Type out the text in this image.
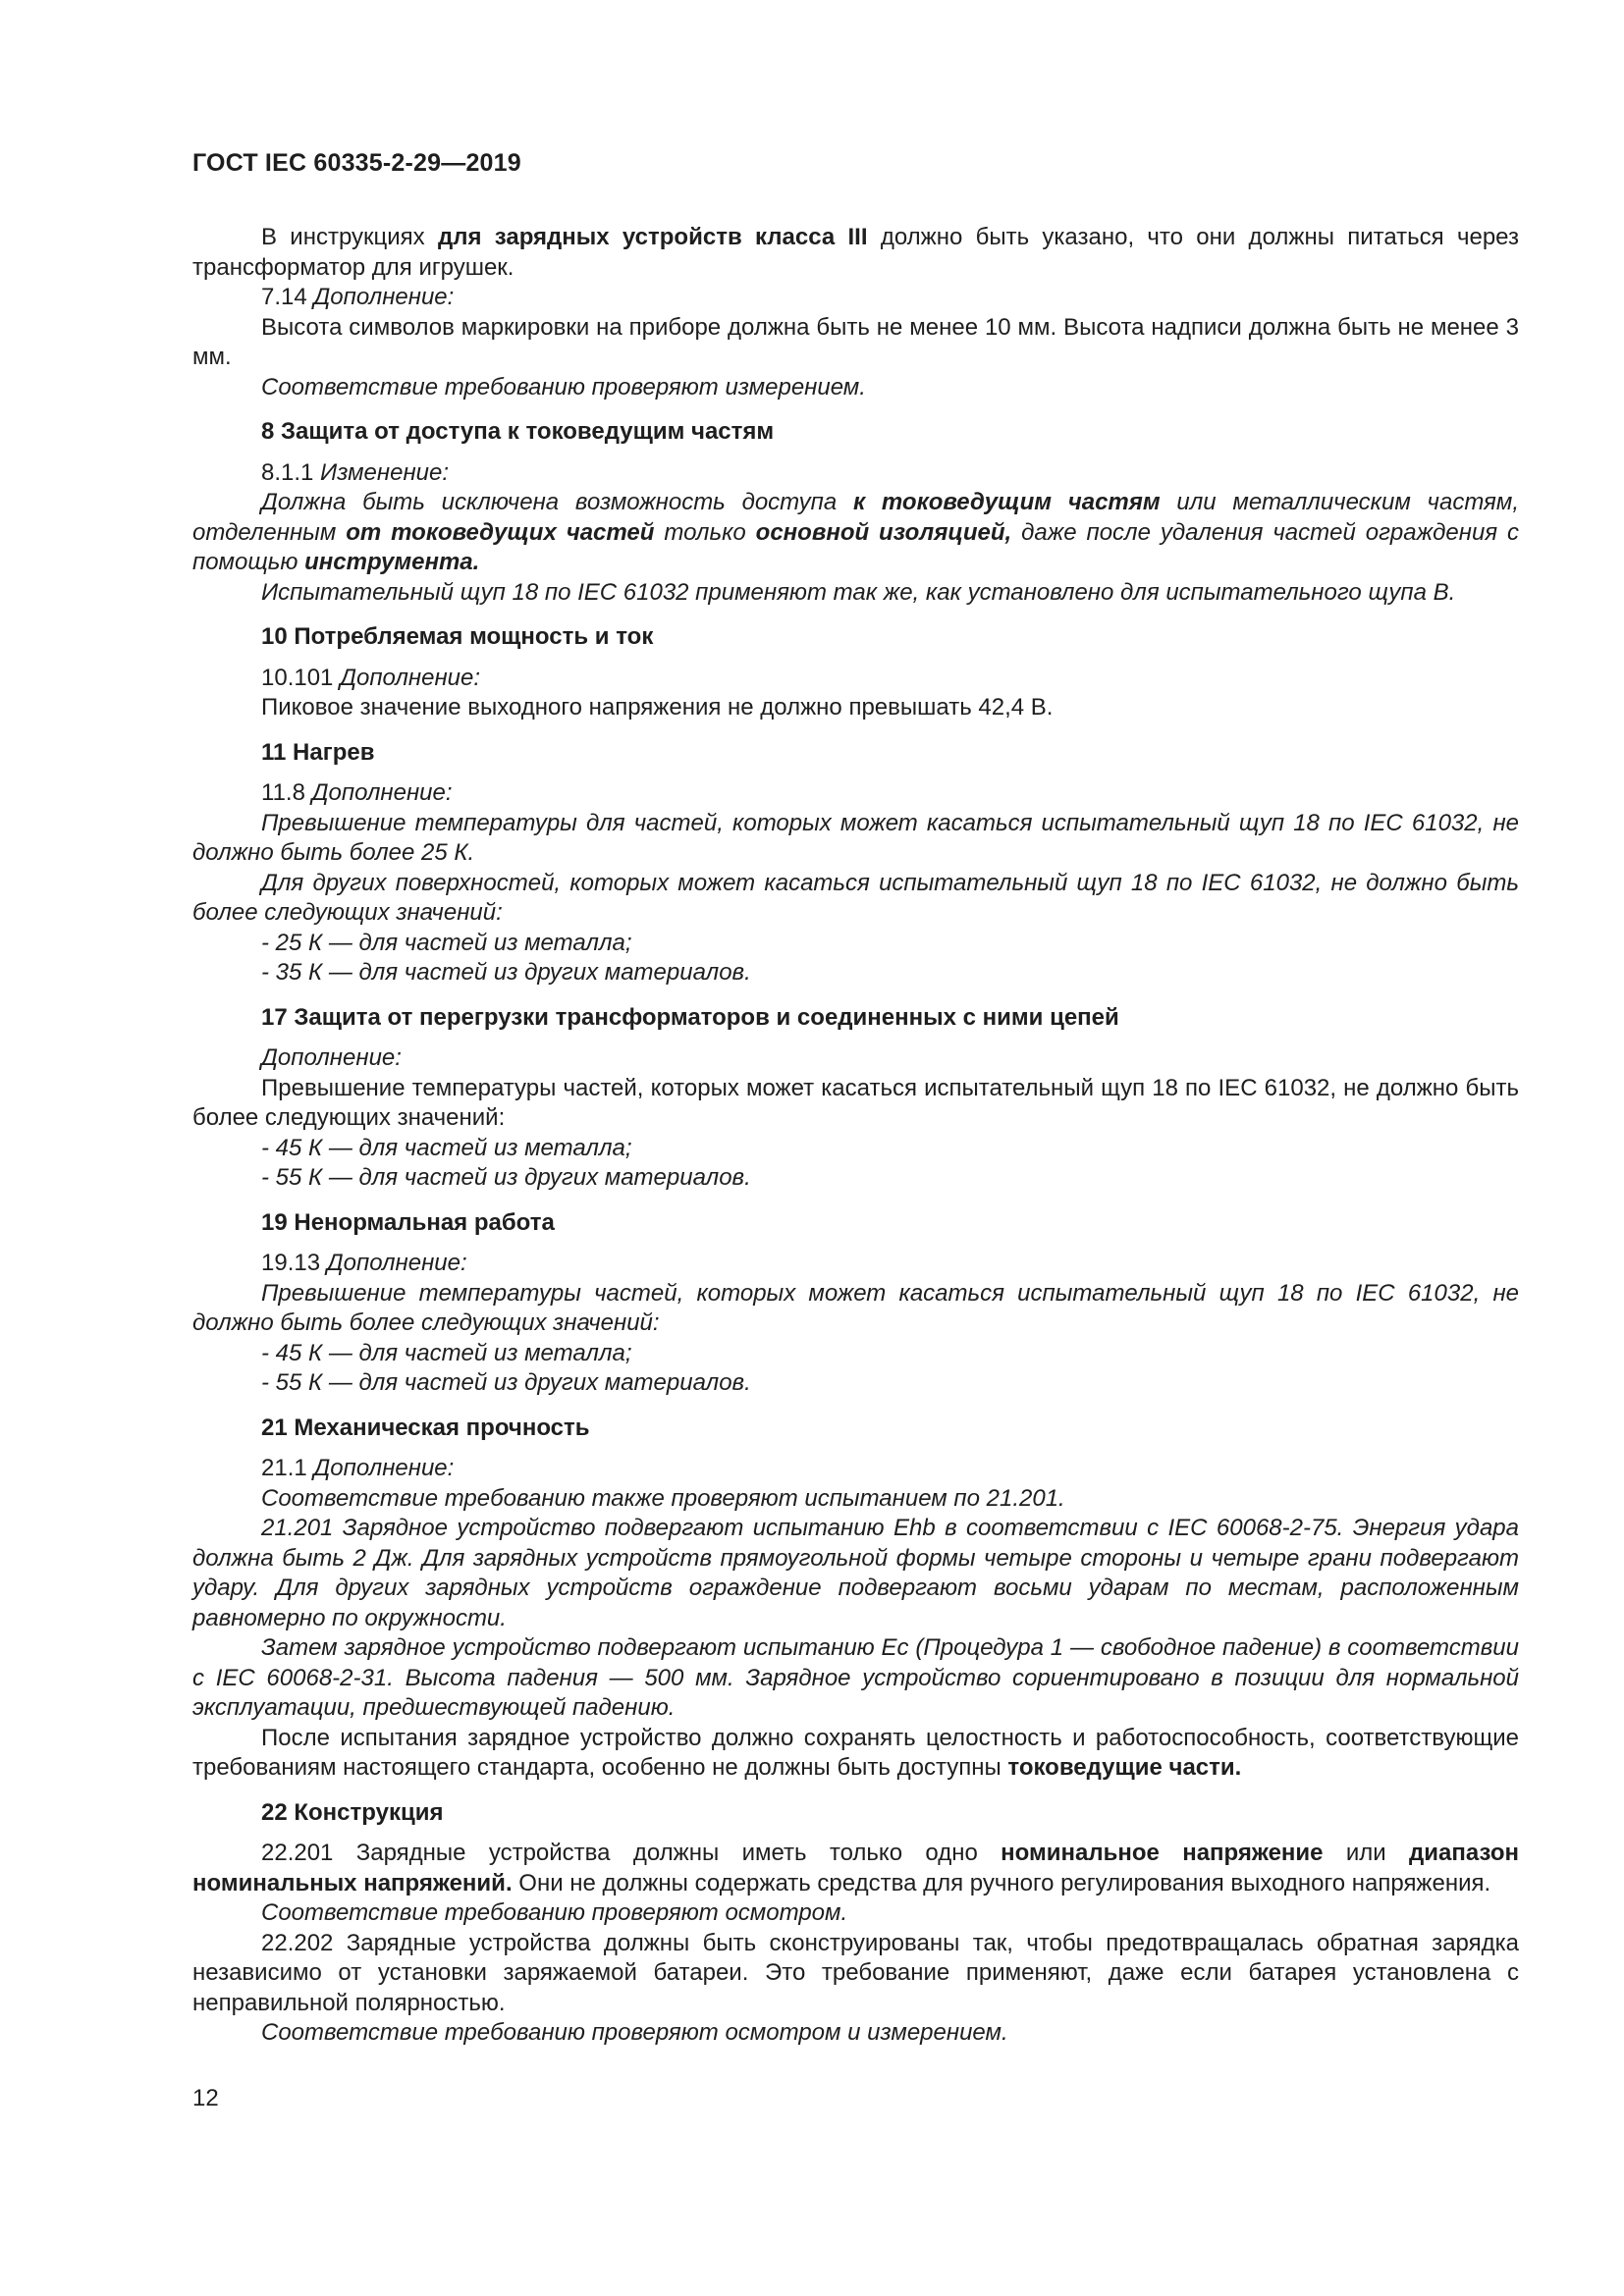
ГОСТ IEC 60335-2-29—2019

В инструкциях для зарядных устройств класса III должно быть указано, что они должны питаться через трансформатор для игрушек.

7.14 Дополнение:

Высота символов маркировки на приборе должна быть не менее 10 мм. Высота надписи должна быть не менее 3 мм.

Соответствие требованию проверяют измерением.

8 Защита от доступа к токоведущим частям

8.1.1 Изменение:

Должна быть исключена возможность доступа к токоведущим частям или металлическим частям, отделенным от токоведущих частей только основной изоляцией, даже после удаления частей ограждения с помощью инструмента.

Испытательный щуп 18 по IEC 61032 применяют так же, как установлено для испытательного щупа В.

10 Потребляемая мощность и ток

10.101 Дополнение:

Пиковое значение выходного напряжения не должно превышать 42,4 В.

11 Нагрев

11.8 Дополнение:

Превышение температуры для частей, которых может касаться испытательный щуп 18 по IEC 61032, не должно быть более 25 К.

Для других поверхностей, которых может касаться испытательный щуп 18 по IEC 61032, не должно быть более следующих значений:

- 25 К — для частей из металла;

- 35 К — для частей из других материалов.

17 Защита от перегрузки трансформаторов и соединенных с ними цепей

Дополнение:

Превышение температуры частей, которых может касаться испытательный щуп 18 по IEC 61032, не должно быть более следующих значений:

- 45 К — для частей из металла;

- 55 К — для частей из других материалов.

19 Ненормальная работа

19.13 Дополнение:

Превышение температуры частей, которых может касаться испытательный щуп 18 по IEC 61032, не должно быть более следующих значений:

- 45 К — для частей из металла;

- 55 К — для частей из других материалов.

21 Механическая прочность

21.1 Дополнение:

Соответствие требованию также проверяют испытанием по 21.201.

21.201 Зарядное устройство подвергают испытанию Ehb в соответствии с IEC 60068-2-75. Энергия удара должна быть 2 Дж. Для зарядных устройств прямоугольной формы четыре стороны и четыре грани подвергают удару. Для других зарядных устройств ограждение подвергают восьми ударам по местам, расположенным равномерно по окружности.

Затем зарядное устройство подвергают испытанию Ec (Процедура 1 — свободное падение) в соответствии с IEC 60068-2-31. Высота падения — 500 мм. Зарядное устройство сориентировано в позиции для нормальной эксплуатации, предшествующей падению.

После испытания зарядное устройство должно сохранять целостность и работоспособность, соответствующие требованиям настоящего стандарта, особенно не должны быть доступны токоведущие части.

22 Конструкция

22.201 Зарядные устройства должны иметь только одно номинальное напряжение или диапазон номинальных напряжений. Они не должны содержать средства для ручного регулирования выходного напряжения.

Соответствие требованию проверяют осмотром.

22.202 Зарядные устройства должны быть сконструированы так, чтобы предотвращалась обратная зарядка независимо от установки заряжаемой батареи. Это требование применяют, даже если батарея установлена с неправильной полярностью.

Соответствие требованию проверяют осмотром и измерением.

12
